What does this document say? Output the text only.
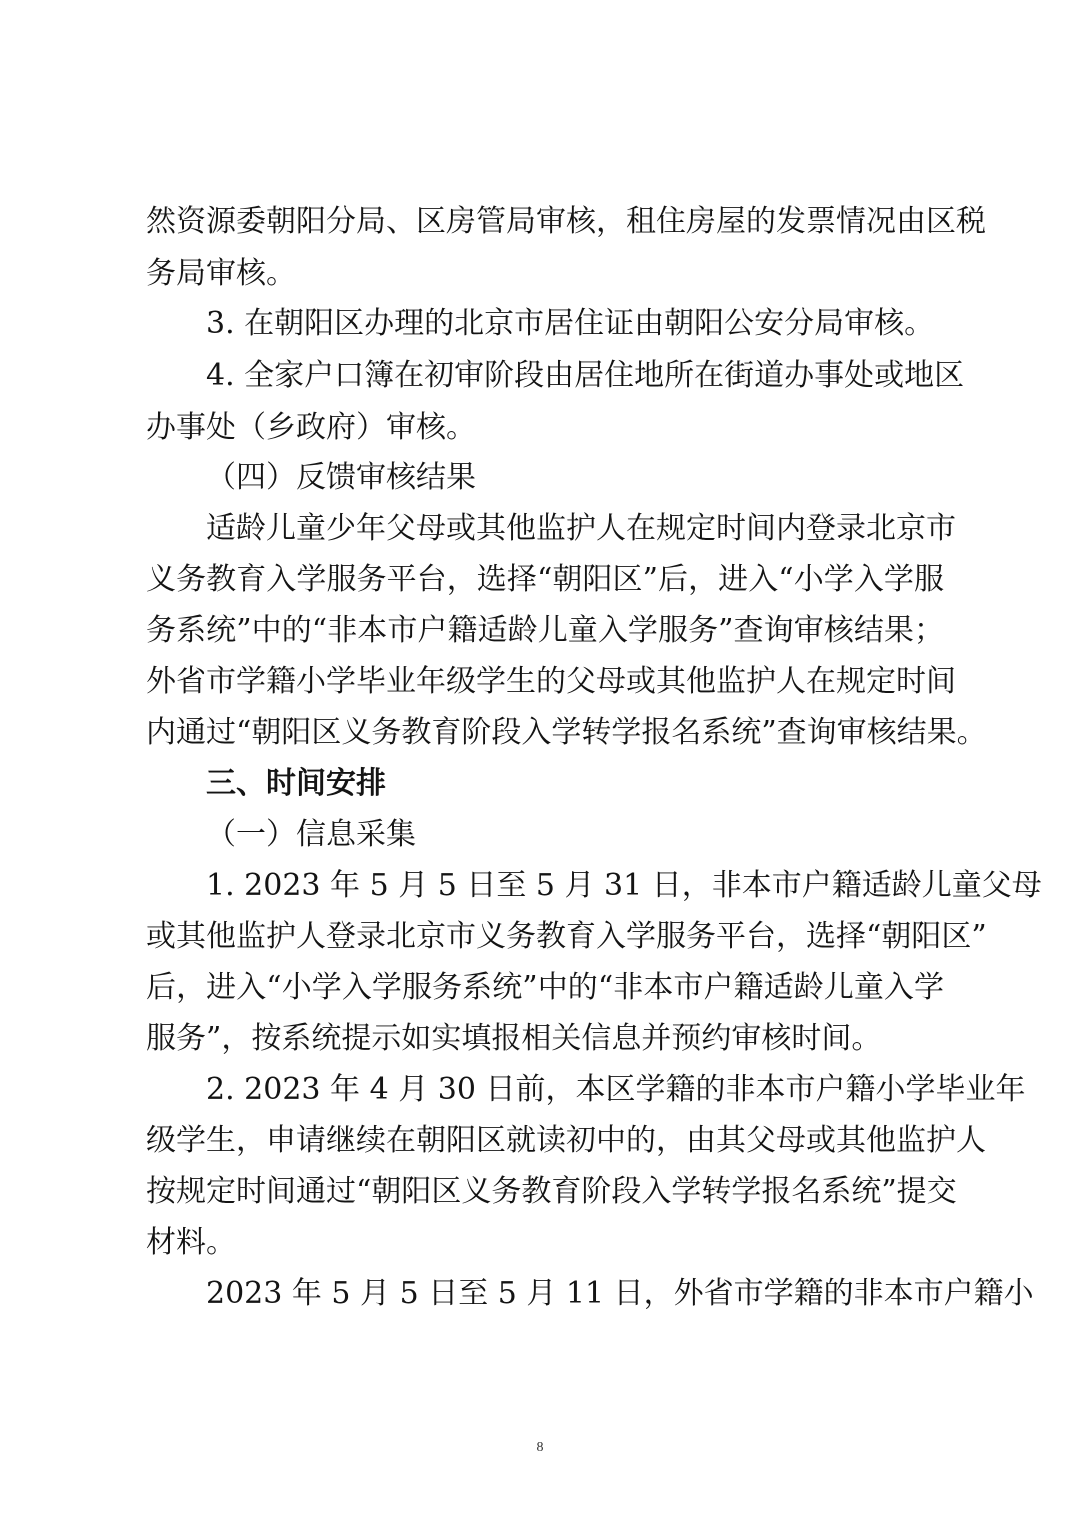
然资源委朝阳分局、区房管局审核，租住房屋的发票情况由区税
务局审核。
3. 在朝阳区办理的北京市居住证由朝阳公安分局审核。
4. 全家户口簿在初审阶段由居住地所在街道办事处或地区
办事处（乡政府）审核。
（四）反馈审核结果
适龄儿童少年父母或其他监护人在规定时间内登录北京市
义务教育入学服务平台，选择“朝阳区”后，进入“小学入学服
务系统”中的“非本市户籍适龄儿童入学服务”查询审核结果；
外省市学籍小学毕业年级学生的父母或其他监护人在规定时间
内通过“朝阳区义务教育阶段入学转学报名系统”查询审核结果。
三、时间安排
（一）信息采集
1. 2023 年 5 月 5 日至 5 月 31 日，非本市户籍适龄儿童父母
或其他监护人登录北京市义务教育入学服务平台，选择“朝阳区”
后，进入“小学入学服务系统”中的“非本市户籍适龄儿童入学
服务”，按系统提示如实填报相关信息并预约审核时间。
2. 2023 年 4 月 30 日前，本区学籍的非本市户籍小学毕业年
级学生，申请继续在朝阳区就读初中的，由其父母或其他监护人
按规定时间通过“朝阳区义务教育阶段入学转学报名系统”提交
材料。
2023 年 5 月 5 日至 5 月 11 日，外省市学籍的非本市户籍小
8
